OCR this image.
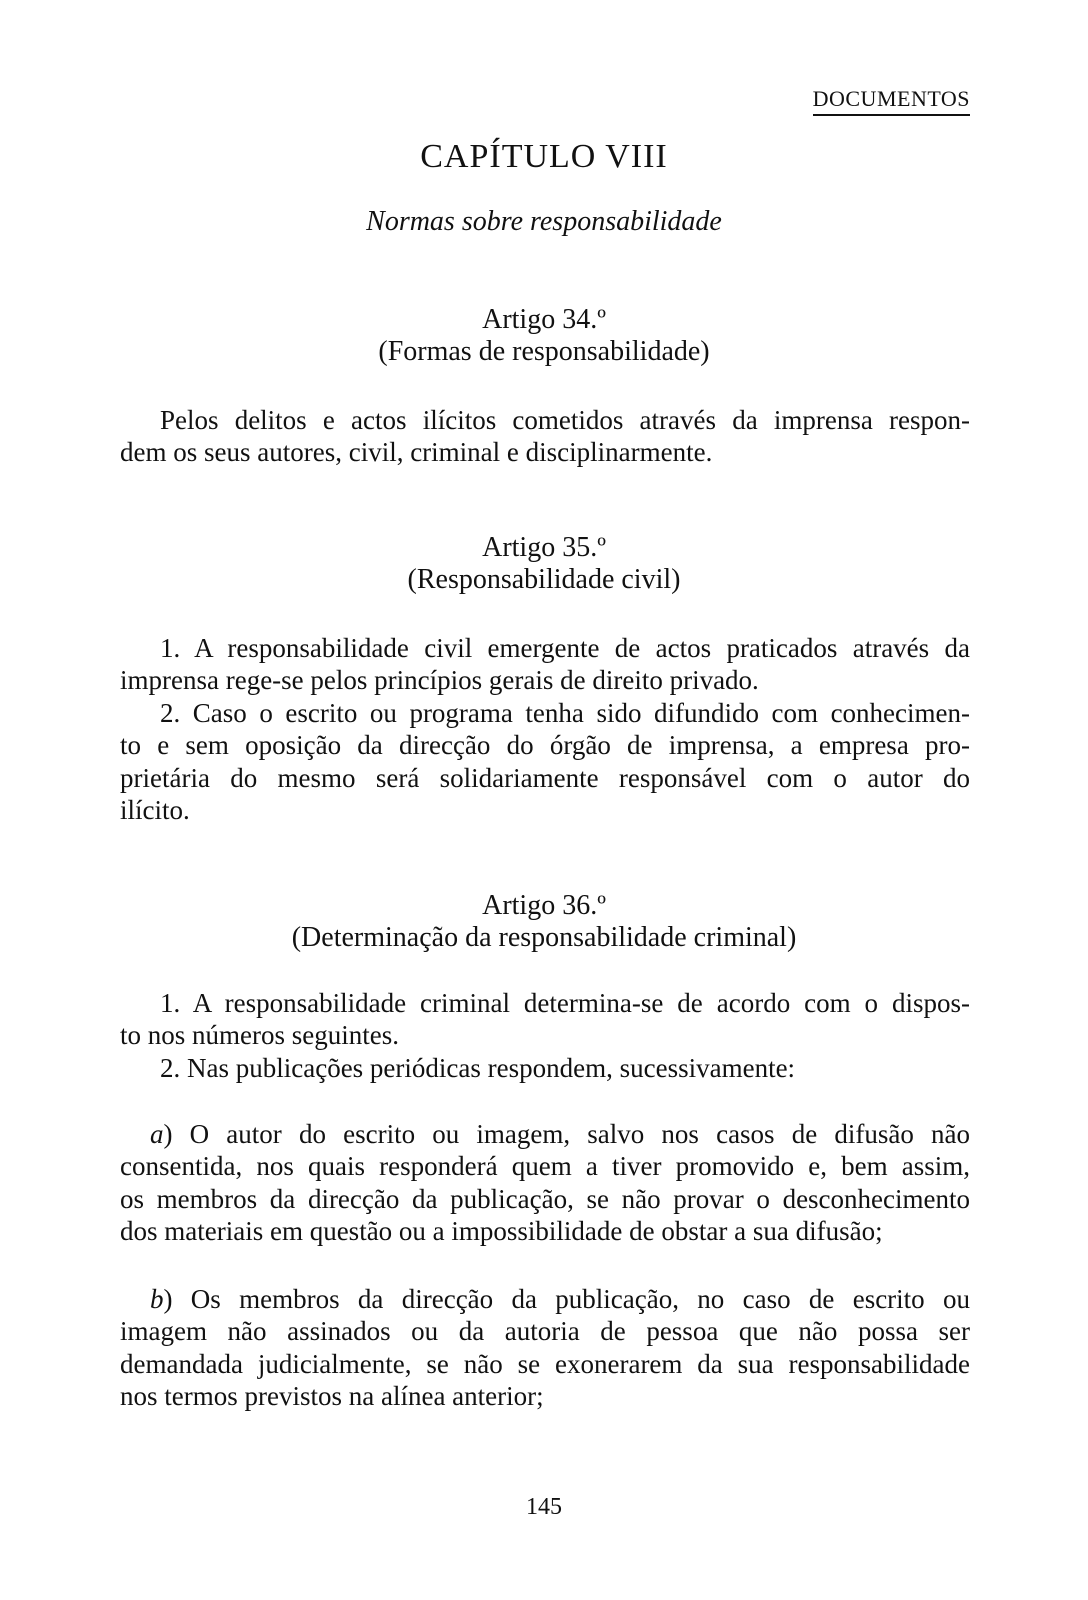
DOCUMENTOS
CAPÍTULO VIII
Normas sobre responsabilidade
Artigo 34.º
(Formas de responsabilidade)
Pelos delitos e actos ilícitos cometidos através da imprensa respon-
dem os seus autores, civil, criminal e disciplinarmente.
Artigo 35.º
(Responsabilidade civil)
1. A responsabilidade civil emergente de actos praticados através da
imprensa rege-se pelos princípios gerais de direito privado.
2. Caso o escrito ou programa tenha sido difundido com conhecimen-
to e sem oposição da direcção do órgão de imprensa, a empresa pro-
prietária do mesmo será solidariamente responsável com o autor do
ilícito.
Artigo 36.º
(Determinação da responsabilidade criminal)
1. A responsabilidade criminal determina-se de acordo com o dispos-
to nos números seguintes.
2. Nas publicações periódicas respondem, sucessivamente:
a) O autor do escrito ou imagem, salvo nos casos de difusão não
consentida, nos quais responderá quem a tiver promovido e, bem assim,
os membros da direcção da publicação, se não provar o desconhecimento
dos materiais em questão ou a impossibilidade de obstar a sua difusão;
b) Os membros da direcção da publicação, no caso de escrito ou
imagem não assinados ou da autoria de pessoa que não possa ser
demandada judicialmente, se não se exonerarem da sua responsabilidade
nos termos previstos na alínea anterior;
145
